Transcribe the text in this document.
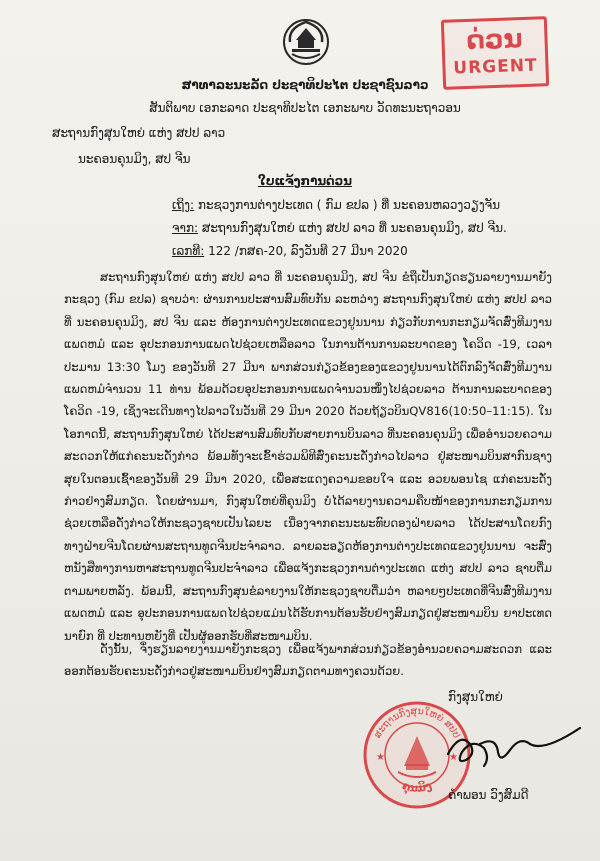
ດ່ວນ
URGENT
ສາທາລະນະລັດ ປະຊາທິປະໄຕ ປະຊາຊົນລາວ
ສັນຕິພາບ ເອກະລາດ ປະຊາທິປະໄຕ ເອກະພາບ ວັດທະນະຖາວອນ
ສະຖານກົງສຸນໃຫຍ່ ແຫ່ງ ສປປ ລາວ
ນະຄອນຄຸນມິງ, ສປ ຈີນ
ໃບແຈ້ງການດ່ວນ
ເຖິງ: ກະຊວງການຕ່າງປະເທດ ( ກົມ ຂປລ ) ທີ່ ນະຄອນຫລວງວຽງຈັນ
ຈາກ: ສະຖານກົງສຸນໃຫຍ່ ແຫ່ງ ສປປ ລາວ ທີ່ ນະຄອນຄຸນມິງ, ສປ ຈີນ.
ເລກທີ: 122 /ກສຄ-20, ລົງວັນທີ 27 ມີນາ 2020

ສະຖານກົງສຸນໃຫຍ່ ແຫ່ງ ສປປ ລາວ ທີ່ ນະຄອນຄຸນມິງ, ສປ ຈີນ ຂໍຖືເປັນກຽດຮຽນລາຍງານມາຍັງກະຊວງ (ກົມ ຂປລ) ຊາບວ່າ: ຜ່ານການປະສານສົມທົບກັນ ລະຫວ່າງ ສະຖານກົງສຸນໃຫຍ່ ແຫ່ງ ສປປ ລາວ ທີ່ ນະຄອນຄຸນມິງ, ສປ ຈີນ ແລະ ຫ້ອງການຕ່າງປະເທດແຂວງຢູນນານ ກ່ຽວກັບການກະກຽມຈັດສົ່ງທີມງານແພດຫມໍ ແລະ ອຸປະກອນການແພດໄປຊ່ວຍເຫລືອລາວ ໃນການຕ້ານການລະບາດຂອງ ໂຄວິດ -19, ເວລາປະມານ 13:30 ໂມງ ຂອງວັນທີ 27 ມີນາ ພາກສ່ວນກ່ຽວຂ້ອງຂອງແຂວງຢູນນານໄດ້ຕົກລົງຈັດສົ່ງທີມງານແພດຫມໍຈຳນວນ 11 ທ່ານ ພ້ອມດ້ວຍອຸປະກອນການແພດຈຳນວນໜຶ່ງໄປຊ່ວຍລາວ ຕ້ານການລະບາດຂອງໂຄວິດ -19, ເຊິ່ງຈະເດີນທາງໄປລາວໃນວັນທີ 29 ມີນາ 2020 ດ້ວຍຖ້ຽວບິນQV816(10:50–11:15). ໃນໂອກາດນີ້, ສະຖານກົງສຸນໃຫຍ່ ໄດ້ປະສານສົມທົບກັບສາຍການບິນລາວ ທີ່ນະຄອນຄຸນມິງ ເພື່ອອຳນວຍຄວາມສະດວກໃຫ້ແກ່ຄະນະດັ່ງກ່າວ ພ້ອມທັງຈະເຂົ້າຮ່ວມພິທີສົ່ງຄະນະດັ່ງກ່າວໄປລາວ ຢູ່ສະໜາມບິນສາກົນຊາງສຸຍໃນຕອນເຊົ້າຂອງວັນທີ 29 ມີນາ 2020, ເພື່ອສະແດງຄວາມຂອບໃຈ ແລະ ອວຍພອນໄຊ ແກ່ຄະນະດັ່ງກ່າວຢ່າງສົມກຽດ. ໂດຍຜ່ານມາ, ກົງສຸນໃຫຍ່ທີ່ຄຸນມິງ ບໍ່ໄດ້ລາຍງານຄວາມຄືບໜ້າຂອງການກະກຽມການຊ່ວຍເຫລືອດັ່ງກ່າວໃຫ້ກະຊວງຊາບເປັນໄລຍະ ເນື່ອງຈາກຄະນະພະທົບດອງຝ່າຍລາວ ໄດ້ປະສານໂດຍກົງທາງຝ່າຍຈີນໂດຍຜ່ານສະຖານທູດຈີນປະຈຳລາວ. ລາຍລະອຽດຫ້ອງການຕ່າງປະເທດແຂວງຢູນນານ ຈະສົ່ງຫນັງສືທາງການຫາສະຖານທູດຈີນປະຈຳລາວ ເພື່ອແຈ້ງກະຊວງການຕ່າງປະເທດ ແຫ່ງ ສປປ ລາວ ຊາບຕື່ມຕາມພາຍຫລັງ. ພ້ອມນີ້, ສະຖານກົງສຸນຂໍລາຍງານໃຫ້ກະຊວງຊາບຕື່ມວ່າ ຫລາຍໆປະເທດທີ່ຈີນສົ່ງທີມງານແພດຫມໍ ແລະ ອຸປະກອນການແພດໄປຊ່ວຍແມ່ນໄດ້ຮັບການຕ້ອນຮັບຢ່າງສົມກຽດຢູ່ສະໜາມບິນ ຍາປະເທດ ນາຍົກ ທີ່ ປະທານຫຍັງທີ່ ເປັນຜູ້ອອກຮັບທີ່ສະໜາມບິນ.

ດັ່ງນັ້ນ, ຈຶ່ງຮຽນລາຍງານມາຍັງກະຊວງ ເພື່ອແຈ້ງພາກສ່ວນກ່ຽວຂ້ອງອຳນວຍຄວາມສະດວກ ແລະ ອອກຕ້ອນຮັບຄະນະດັ່ງກ່າວຢູ່ສະໜາມບິນຢ່າງສົມກຽດຕາມທາງຄວນດ້ວຍ.

ກົງສຸນໃຫຍ່
ສະຖານກົງສຸນໃຫຍ່ ສປປ
ຄຸນມິງ
★	★
ຄຳພອນ ວົງສົມດີ
